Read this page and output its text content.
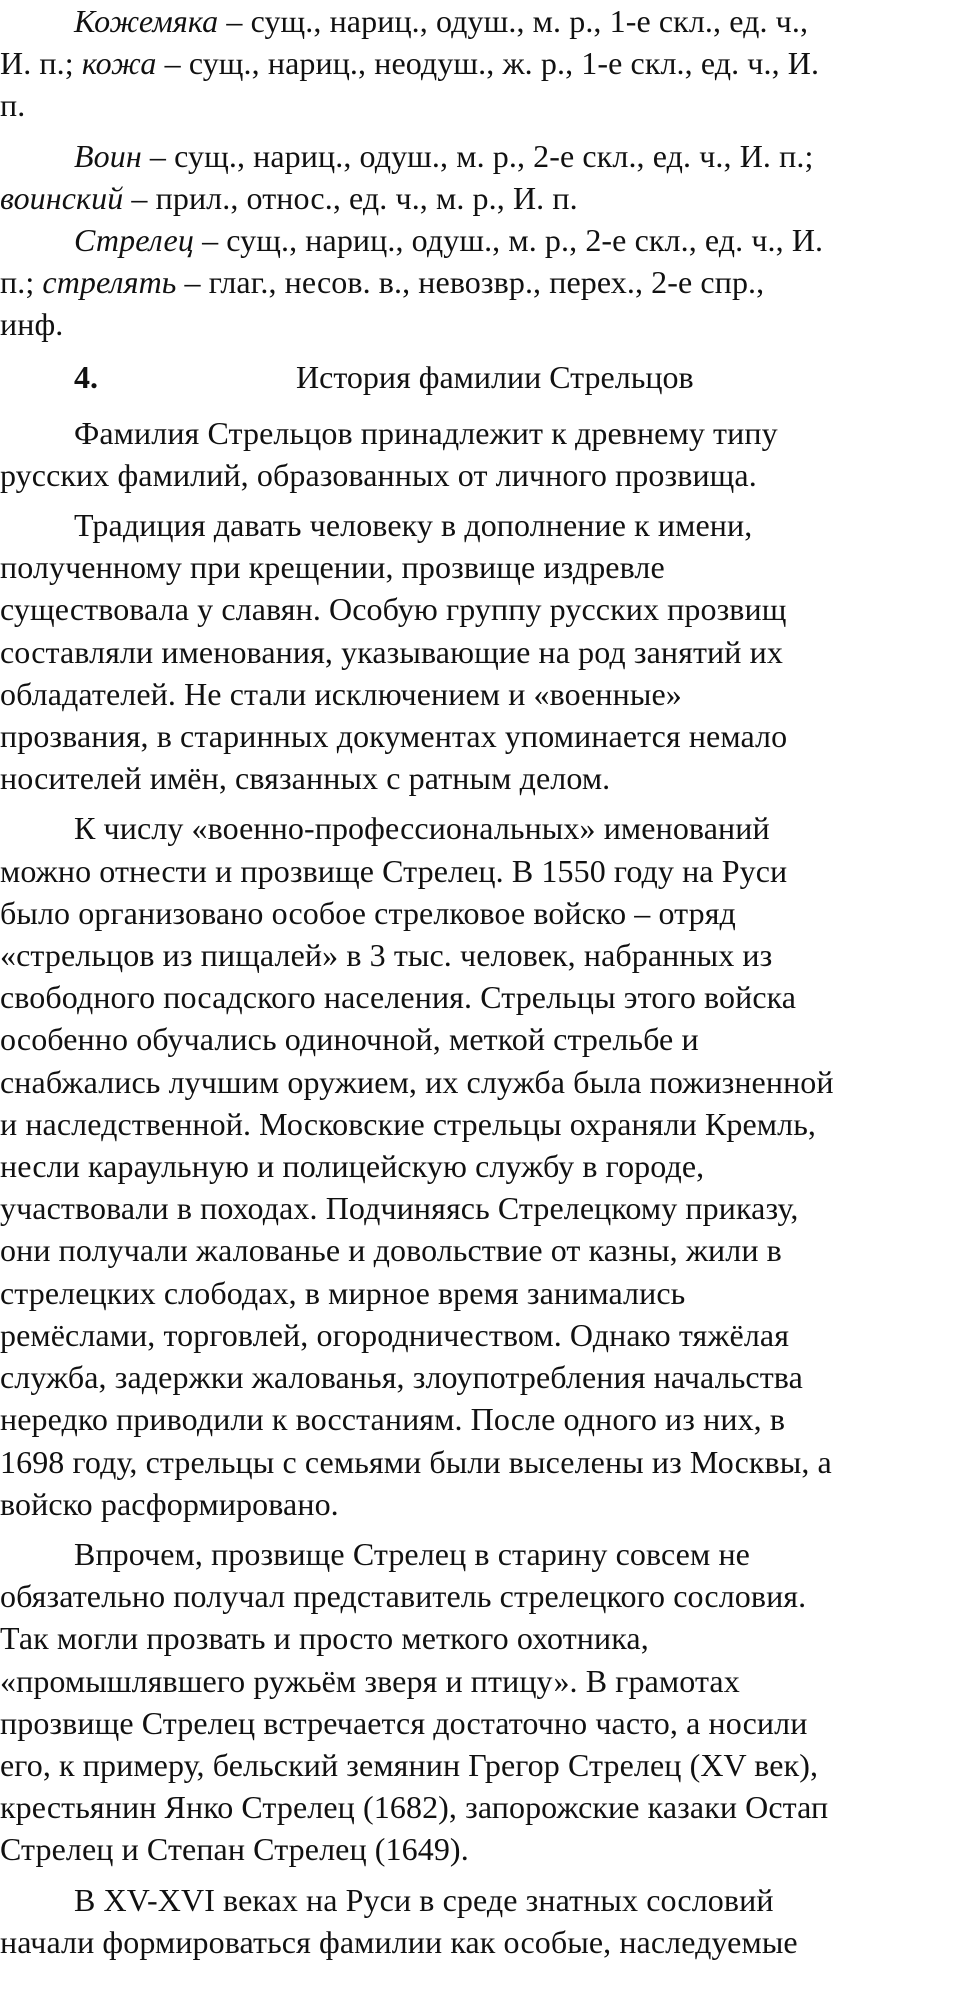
Кожемяка – сущ., нариц., одуш., м. р., 1-е скл., ед. ч.,
И. п.; кожа – сущ., нариц., неодуш., ж. р., 1-е скл., ед. ч., И.
п.

Воин – сущ., нариц., одуш., м. р., 2-е скл., ед. ч., И. п.;
воинский – прил., относ., ед. ч., м. р., И. п.

Стрелец – сущ., нариц., одуш., м. р., 2-е скл., ед. ч., И.
п.; стрелять – глаг., несов. в., невозвр., перех., 2-е спр.,
инф.

4.	История фамилии Стрельцов

Фамилия Стрельцов принадлежит к древнему типу
русских фамилий, образованных от личного прозвища.

Традиция давать человеку в дополнение к имени,
полученному при крещении, прозвище издревле
существовала у славян. Особую группу русских прозвищ
составляли именования, указывающие на род занятий их
обладателей. Не стали исключением и «военные»
прозвания, в старинных документах упоминается немало
носителей имён, связанных с ратным делом.

К числу «военно-профессиональных» именований
можно отнести и прозвище Стрелец. В 1550 году на Руси
было организовано особое стрелковое войско – отряд
«стрельцов из пищалей» в 3 тыс. человек, набранных из
свободного посадского населения. Стрельцы этого войска
особенно обучались одиночной, меткой стрельбе и
снабжались лучшим оружием, их служба была пожизненной
и наследственной. Московские стрельцы охраняли Кремль,
несли караульную и полицейскую службу в городе,
участвовали в походах. Подчиняясь Стрелецкому приказу,
они получали жалованье и довольствие от казны, жили в
стрелецких слободах, в мирное время занимались
ремёслами, торговлей, огородничеством. Однако тяжёлая
служба, задержки жалованья, злоупотребления начальства
нередко приводили к восстаниям. После одного из них, в
1698 году, стрельцы с семьями были выселены из Москвы, а
войско расформировано.

Впрочем, прозвище Стрелец в старину совсем не
обязательно получал представитель стрелецкого сословия.
Так могли прозвать и просто меткого охотника,
«промышлявшего ружьём зверя и птицу». В грамотах
прозвище Стрелец встречается достаточно часто, а носили
его, к примеру, бельский земянин Грегор Стрелец (XV век),
крестьянин Янко Стрелец (1682), запорожские казаки Остап
Стрелец и Степан Стрелец (1649).

В XV-XVI веках на Руси в среде знатных сословий
начали формироваться фамилии как особые, наследуемые
